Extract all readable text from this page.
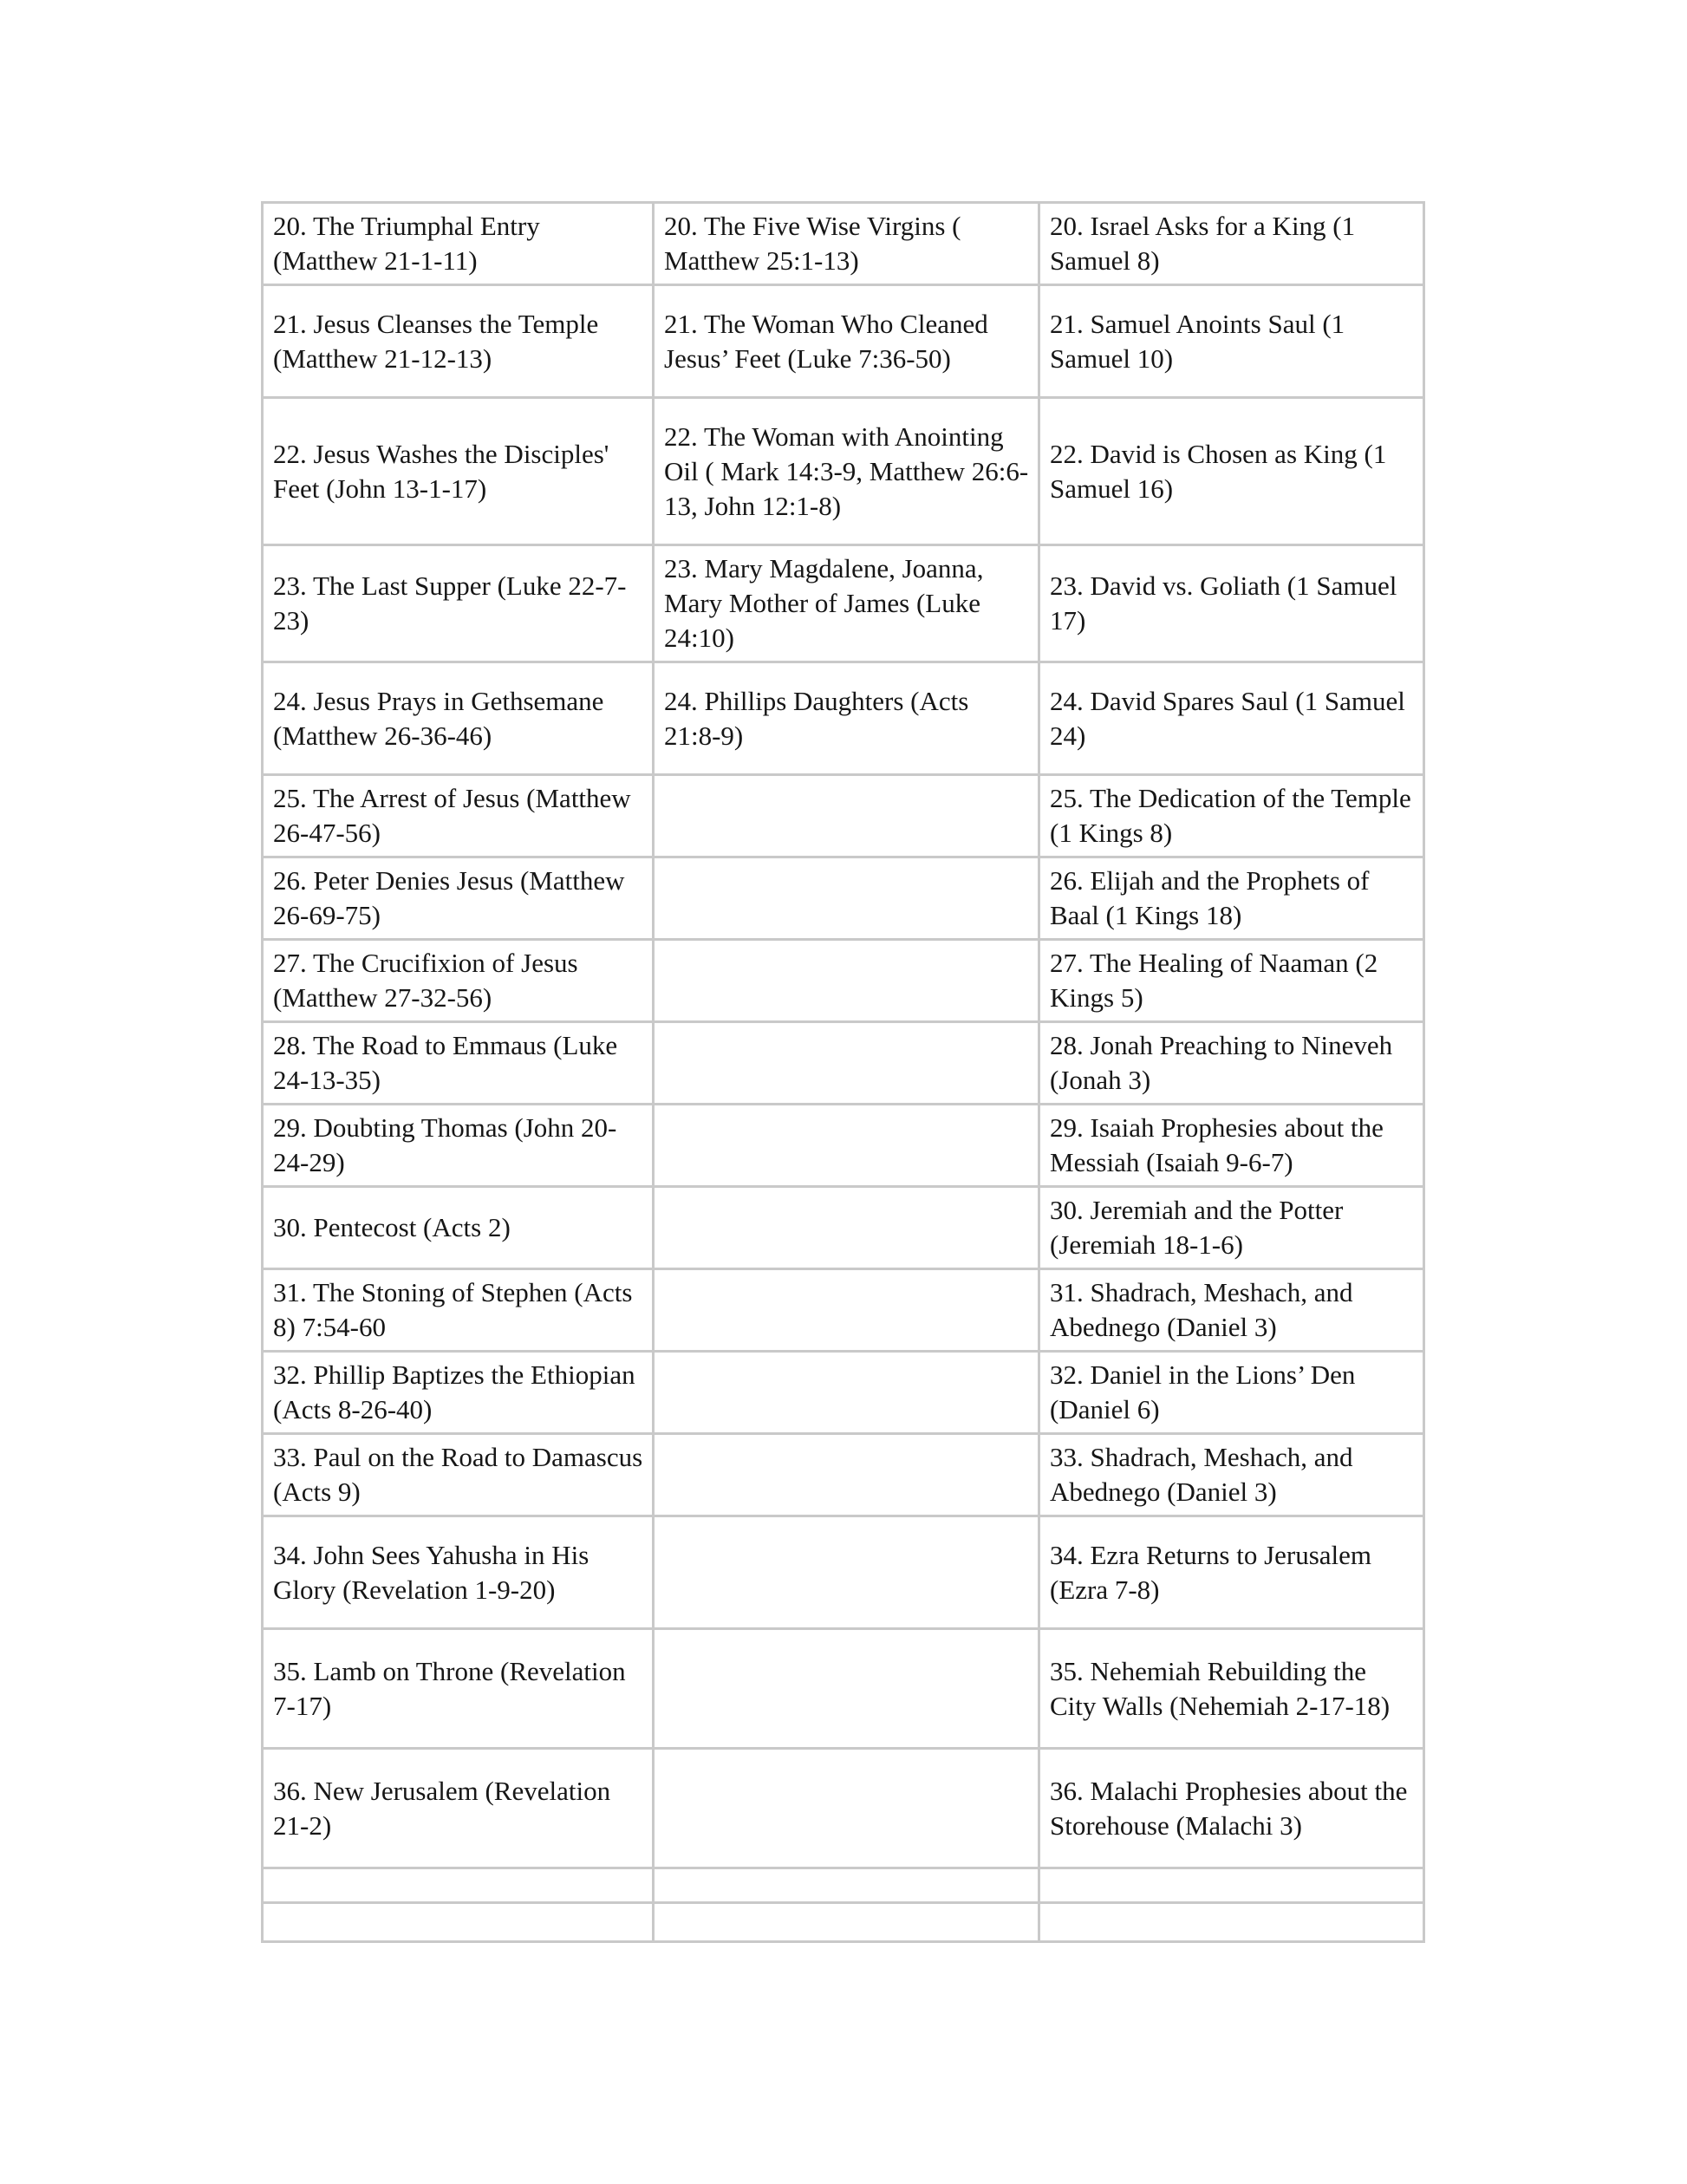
20. The Triumphal Entry (Matthew 21-1-11)	20. The Five Wise Virgins ( Matthew 25:1-13)	20. Israel Asks for a King (1 Samuel 8)
21. Jesus Cleanses the Temple (Matthew 21-12-13)	21. The Woman Who Cleaned Jesus’ Feet (Luke 7:36-50)	21. Samuel Anoints Saul (1 Samuel 10)
22. Jesus Washes the Disciples' Feet (John 13-1-17)	22. The Woman with Anointing Oil ( Mark 14:3-9, Matthew 26:6-13, John 12:1-8)	22. David is Chosen as King (1 Samuel 16)
23. The Last Supper (Luke 22-7-23)	23. Mary Magdalene, Joanna, Mary Mother of James (Luke 24:10)	23. David vs. Goliath (1 Samuel 17)
24. Jesus Prays in Gethsemane (Matthew 26-36-46)	24. Phillips Daughters (Acts 21:8-9)	24. David Spares Saul (1 Samuel 24)
25. The Arrest of Jesus (Matthew 26-47-56)		25. The Dedication of the Temple (1 Kings 8)
26. Peter Denies Jesus (Matthew 26-69-75)		26. Elijah and the Prophets of Baal (1 Kings 18)
27. The Crucifixion of Jesus (Matthew 27-32-56)		27. The Healing of Naaman (2 Kings 5)
28. The Road to Emmaus (Luke 24-13-35)		28. Jonah Preaching to Nineveh (Jonah 3)
29. Doubting Thomas (John 20-24-29)		29. Isaiah Prophesies about the Messiah (Isaiah 9-6-7)
30. Pentecost (Acts 2)		30. Jeremiah and the Potter (Jeremiah 18-1-6)
31. The Stoning of Stephen (Acts 8) 7:54-60		31. Shadrach, Meshach, and Abednego (Daniel 3)
32. Phillip Baptizes the Ethiopian (Acts 8-26-40)		32. Daniel in the Lions’ Den (Daniel 6)
33. Paul on the Road to Damascus (Acts 9)		33. Shadrach, Meshach, and Abednego (Daniel 3)
34. John Sees Yahusha in His Glory (Revelation 1-9-20)		34. Ezra Returns to Jerusalem (Ezra 7-8)
35. Lamb on Throne (Revelation 7-17)		35. Nehemiah Rebuilding the City Walls (Nehemiah 2-17-18)
36. New Jerusalem (Revelation 21-2)		36. Malachi Prophesies about the Storehouse (Malachi 3)
